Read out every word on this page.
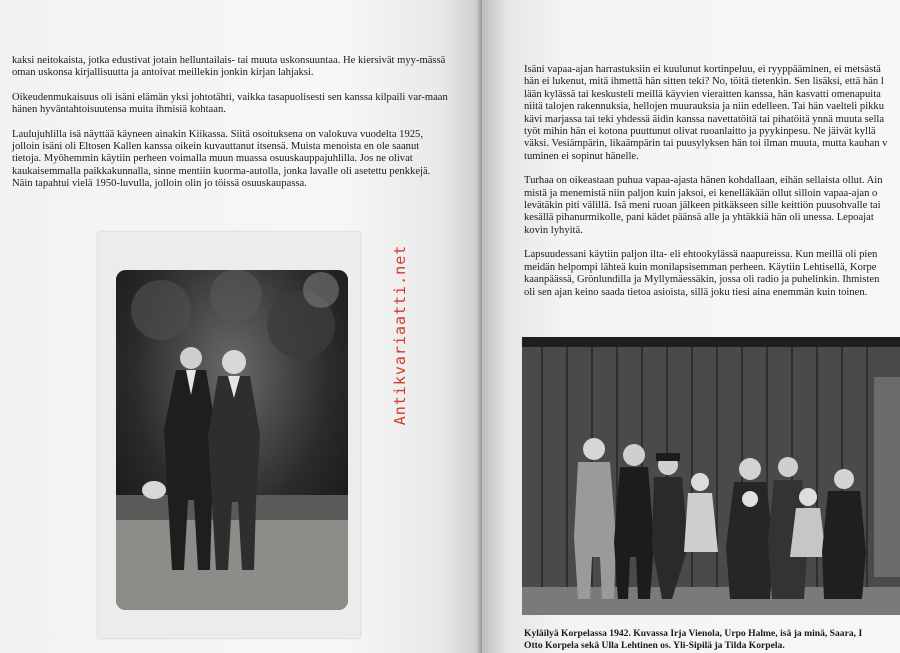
kaksi neitokaista, jotka edustivat jotain helluntailais- tai muuta uskonsuuntaa. He kiersivät myy-mässä oman uskonsa kirjallisuutta ja antoivat meillekin jonkin kirjan lahjaksi.

Oikeudenmukaisuus oli isäni elämän yksi johtotähti, vaikka tasapuolisesti sen kanssa kilpaili var-maan hänen hyväntahtoisuutensa muita ihmisiä kohtaan.

Laulujuhlilla isä näyttää käyneen ainakin Kiikassa. Siitä osoituksena on valokuva vuodelta 1925, jolloin isäni oli Eltosen Kallen kanssa oikein kuvauttanut itsensä. Muista menoista en ole saanut tietoja. Myöhemmin käytiin perheen voimalla muun muassa osuuskauppajuhlilla. Jos ne olivat kaukaisemmalla paikkakunnalla, sinne mentiin kuorma-autolla, jonka lavalle oli asetettu penkkejä. Näin tapahtui vielä 1950-luvulla, jolloin olin jo töissä osuuskaupassa.

Antikvariaatti.net

Isäni vapaa-ajan harrastuksiin ei kuulunut kortinpeluu, ei ryyppääminen, ei metsästä
hän ei lukenut, mitä ihmettä hän sitten teki? No, töitä tietenkin. Sen lisäksi, että hän l
lään kylässä tai keskusteli meillä käyvien vieraitten kanssa, hän kasvatti omenapuita
niitä talojen rakennuksia, hellojen muurauksia ja niin edelleen. Tai hän vaelteli pikku
kävi marjassa tai teki yhdessä äidin kanssa navettatöitä tai pihatöitä ynnä muuta sella
työt mihin hän ei kotona puuttunut olivat ruoanlaitto ja pyykinpesu. Ne jäivät kyllä
väksi. Vesiämpärin, likaämpärin tai puusylyksen hän toi ilman muuta, mutta kauhan v
tuminen ei sopinut hänelle.

Turhaa on oikeastaan puhua vapaa-ajasta hänen kohdallaan, eihän sellaista ollut. Ain
mistä ja menemistä niin paljon kuin jaksoi, ei kenelläkään ollut silloin vapaa-ajan o
levätäkin piti välillä. Isä meni ruoan jälkeen pitkäkseen sille keittiön puusohvalle tai
kesällä pihanurmikolle, pani kädet päänsä alle ja yhtäkkiä hän oli unessa. Lepoajat
kovin lyhyitä.

Lapsuudessani käytiin paljon ilta- eli ehtookylässä naapureissa. Kun meillä oli pien
meidän helpompi lähteä kuin monilapsisemman perheen. Käytiin Lehtisellä, Korpe
kaanpäässä, Grönlundilla ja Myllymäessäkin, jossa oli radio ja puhelinkin. Ihmisten
oli sen ajan keino saada tietoa asioista, sillä joku tiesi aina enemmän kuin toinen.

Kyläilyä Korpelassa 1942. Kuvassa Irja Vienola, Urpo Halme, isä ja minä, Saara, I
Otto Korpela sekä Ulla Lehtinen os. Yli-Sipilä ja Tilda Korpela.
